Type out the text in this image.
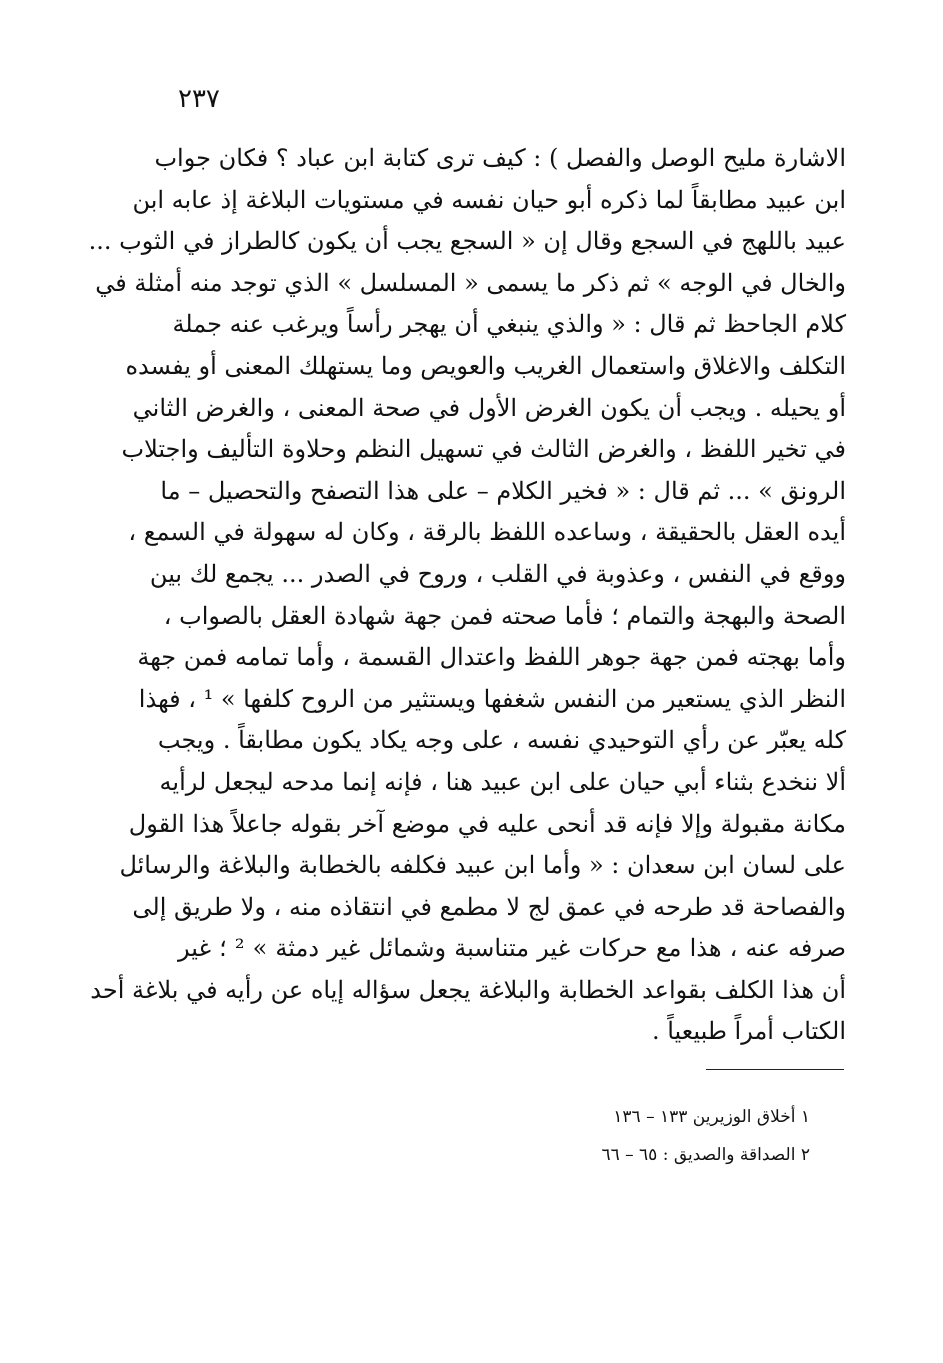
٢٣٧
الاشارة مليح الوصل والفصل ) : كيف ترى كتابة ابن عباد ؟ فكان جواب
ابن عبيد مطابقاً لما ذكره أبو حيان نفسه في مستويات البلاغة إذ عابه ابن
عبيد باللهج في السجع وقال إن « السجع يجب أن يكون كالطراز في الثوب ...
والخال في الوجه » ثم ذكر ما يسمى « المسلسل » الذي توجد منه أمثلة في
كلام الجاحظ ثم قال : « والذي ينبغي أن يهجر رأساً ويرغب عنه جملة
التكلف والاغلاق واستعمال الغريب والعويص وما يستهلك المعنى أو يفسده
أو يحيله . ويجب أن يكون الغرض الأول في صحة المعنى ، والغرض الثاني
في تخير اللفظ ، والغرض الثالث في تسهيل النظم وحلاوة التأليف واجتلاب
الرونق » ... ثم قال : « فخير الكلام – على هذا التصفح والتحصيل – ما
أيده العقل بالحقيقة ، وساعده اللفظ بالرقة ، وكان له سهولة في السمع ،
ووقع في النفس ، وعذوبة في القلب ، وروح في الصدر ... يجمع لك بين
الصحة والبهجة والتمام ؛ فأما صحته فمن جهة شهادة العقل بالصواب ،
وأما بهجته فمن جهة جوهر اللفظ واعتدال القسمة ، وأما تمامه فمن جهة
النظر الذي يستعير من النفس شغفها ويستثير من الروح كلفها » ¹ ، فهذا
كله يعبّر عن رأي التوحيدي نفسه ، على وجه يكاد يكون مطابقاً . ويجب
ألا ننخدع بثناء أبي حيان على ابن عبيد هنا ، فإنه إنما مدحه ليجعل لرأيه
مكانة مقبولة وإلا فإنه قد أنحى عليه في موضع آخر بقوله جاعلاً هذا القول
على لسان ابن سعدان : « وأما ابن عبيد فكلفه بالخطابة والبلاغة والرسائل
والفصاحة قد طرحه في عمق لج لا مطمع في انتقاذه منه ، ولا طريق إلى
صرفه عنه ، هذا مع حركات غير متناسبة وشمائل غير دمثة » ² ؛ غير
أن هذا الكلف بقواعد الخطابة والبلاغة يجعل سؤاله إياه عن رأيه في بلاغة أحد
الكتاب أمراً طبيعياً .
١ أخلاق الوزيرين ١٣٣ – ١٣٦
٢ الصداقة والصديق : ٦٥ – ٦٦
